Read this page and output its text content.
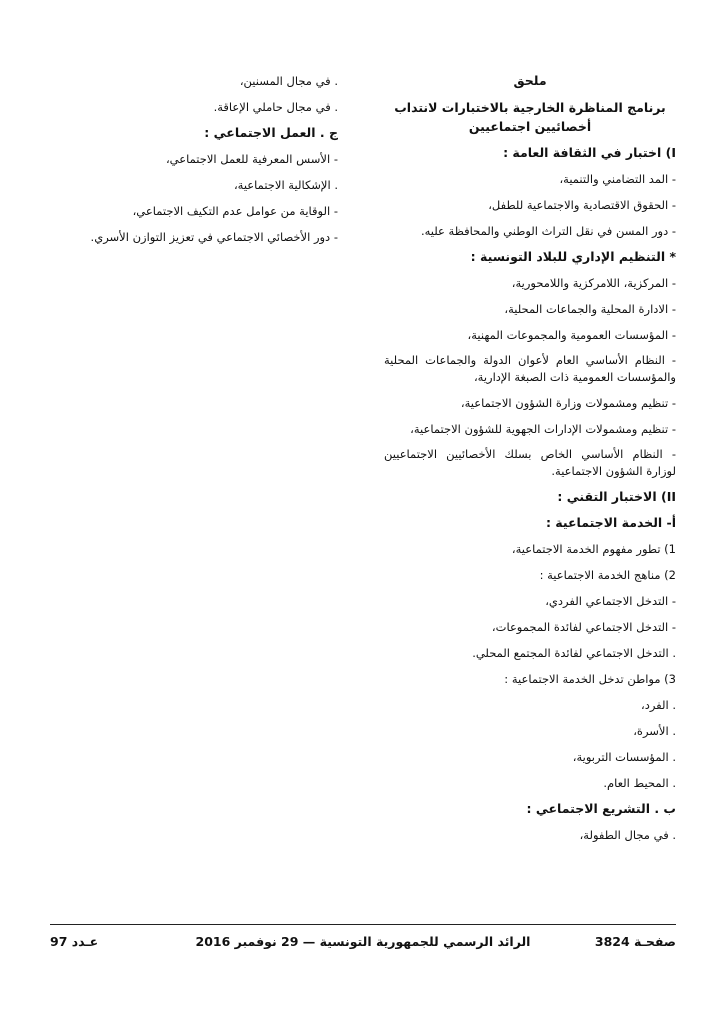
ملحق
برنامج المناظرة الخارجية بالاختبارات لانتداب أخصائيين اجتماعيين
I) اختبار في الثقافة العامة :
- المد التضامني والتنمية،
- الحقوق الاقتصادية والاجتماعية للطفل،
- دور المسن في نقل التراث الوطني والمحافظة عليه.
* التنظيم الإداري للبلاد التونسية :
- المركزية، اللامركزية واللامحورية،
- الادارة المحلية والجماعات المحلية،
- المؤسسات العمومية والمجموعات المهنية،
- النظام الأساسي العام لأعوان الدولة والجماعات المحلية والمؤسسات العمومية ذات الصبغة الإدارية،
- تنظيم ومشمولات وزارة الشؤون الاجتماعية،
- تنظيم ومشمولات الإدارات الجهوية للشؤون الاجتماعية،
- النظام الأساسي الخاص بسلك الأخصائيين الاجتماعيين لوزارة الشؤون الاجتماعية.
II) الاختبار التقني :
أ- الخدمة الاجتماعية :
1) تطور مفهوم الخدمة الاجتماعية،
2) مناهج الخدمة الاجتماعية :
- التدخل الاجتماعي الفردي،
- التدخل الاجتماعي لفائدة المجموعات،
. التدخل الاجتماعي لفائدة المجتمع المحلي.
3) مواطن تدخل الخدمة الاجتماعية :
. الفرد،
. الأسرة،
. المؤسسات التربوية،
. المحيط العام.
ب . التشريع الاجتماعي :
. في مجال الطفولة،
. في مجال المسنين،
. في مجال حاملي الإعاقة.
ج . العمل الاجتماعي :
- الأسس المعرفية للعمل الاجتماعي،
. الإشكالية الاجتماعية،
- الوقاية من عوامل عدم التكيف الاجتماعي،
- دور الأخصائي الاجتماعي في تعزيز التوازن الأسري.
صفحـة 3824
الرائد الرسمي للجمهورية التونسية — 29 نوفمبر 2016
عـدد 97
